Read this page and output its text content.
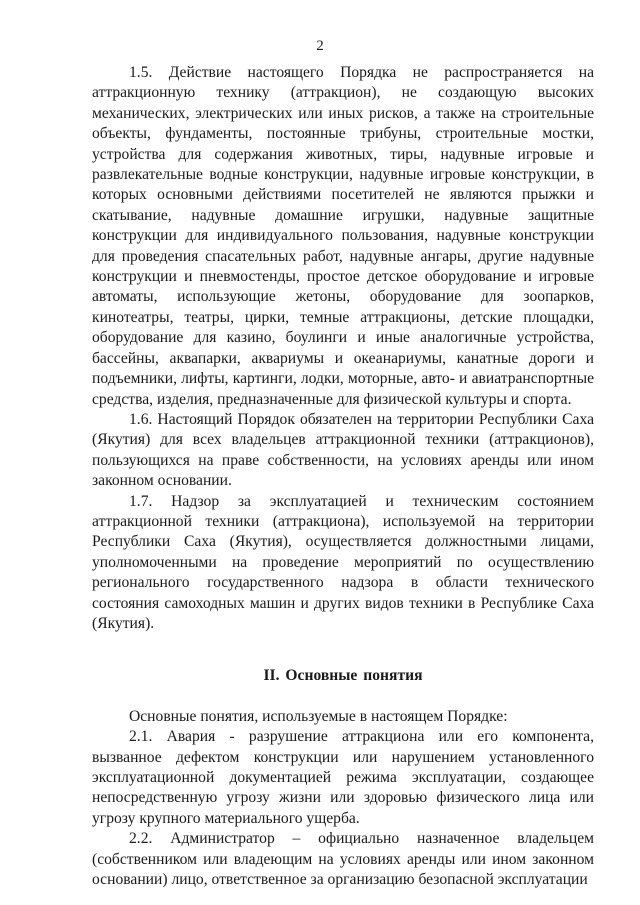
2

1.5. Действие настоящего Порядка не распространяется на аттракционную технику (аттракцион), не создающую высоких механических, электрических или иных рисков, а также на строительные объекты, фундаменты, постоянные трибуны, строительные мостки, устройства для содержания животных, тиры, надувные игровые и развлекательные водные конструкции, надувные игровые конструкции, в которых основными действиями посетителей не являются прыжки и скатывание, надувные домашние игрушки, надувные защитные конструкции для индивидуального пользования, надувные конструкции для проведения спасательных работ, надувные ангары, другие надувные конструкции и пневмостенды, простое детское оборудование и игровые автоматы, использующие жетоны, оборудование для зоопарков, кинотеатры, театры, цирки, темные аттракционы, детские площадки, оборудование для казино, боулинги и иные аналогичные устройства, бассейны, аквапарки, аквариумы и океанариумы, канатные дороги и подъемники, лифты, картинги, лодки, моторные, авто- и авиатранспортные средства, изделия, предназначенные для физической культуры и спорта.

1.6. Настоящий Порядок обязателен на территории Республики Саха (Якутия) для всех владельцев аттракционной техники (аттракционов), пользующихся на праве собственности, на условиях аренды или ином законном основании.

1.7. Надзор за эксплуатацией и техническим состоянием аттракционной техники (аттракциона), используемой на территории Республики Саха (Якутия), осуществляется должностными лицами, уполномоченными на проведение мероприятий по осуществлению регионального государственного надзора в области технического состояния самоходных машин и других видов техники в Республике Саха (Якутия).

II. Основные понятия

Основные понятия, используемые в настоящем Порядке:

2.1. Авария - разрушение аттракциона или его компонента, вызванное дефектом конструкции или нарушением установленного эксплуатационной документацией режима эксплуатации, создающее непосредственную угрозу жизни или здоровью физического лица или угрозу крупного материального ущерба.

2.2. Администратор – официально назначенное владельцем (собственником или владеющим на условиях аренды или ином законном основании) лицо, ответственное за организацию безопасной эксплуатации
